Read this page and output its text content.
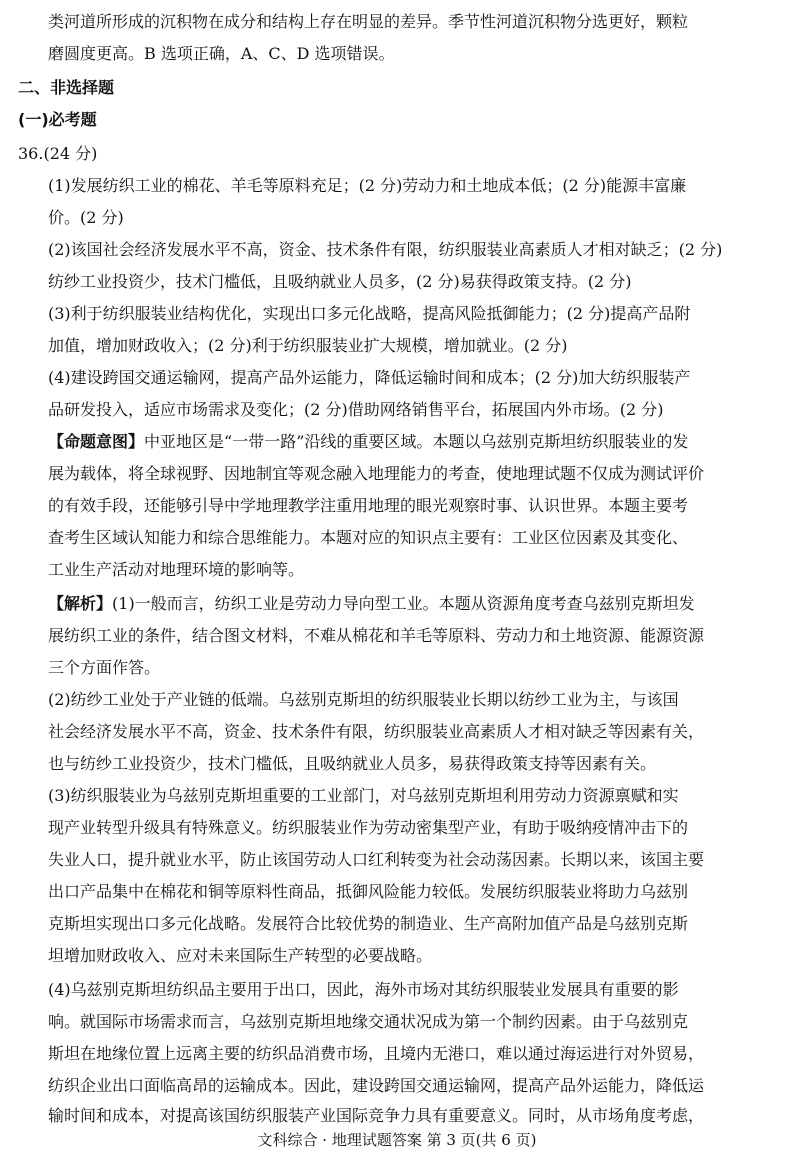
类河道所形成的沉积物在成分和结构上存在明显的差异。季节性河道沉积物分选更好，颗粒
磨圆度更高。B 选项正确，A、C、D 选项错误。
二、非选择题
(一)必考题
36.(24 分)
(1)发展纺织工业的棉花、羊毛等原料充足；(2 分)劳动力和土地成本低；(2 分)能源丰富廉
价。(2 分)
(2)该国社会经济发展水平不高，资金、技术条件有限，纺织服装业高素质人才相对缺乏；(2 分)
纺纱工业投资少，技术门槛低，且吸纳就业人员多，(2 分)易获得政策支持。(2 分)
(3)利于纺织服装业结构优化，实现出口多元化战略，提高风险抵御能力；(2 分)提高产品附
加值，增加财政收入；(2 分)利于纺织服装业扩大规模，增加就业。(2 分)
(4)建设跨国交通运输网，提高产品外运能力，降低运输时间和成本；(2 分)加大纺织服装产
品研发投入，适应市场需求及变化；(2 分)借助网络销售平台，拓展国内外市场。(2 分)
【命题意图】中亚地区是“一带一路”沿线的重要区域。本题以乌兹别克斯坦纺织服装业的发
展为载体，将全球视野、因地制宜等观念融入地理能力的考查，使地理试题不仅成为测试评价
的有效手段，还能够引导中学地理教学注重用地理的眼光观察时事、认识世界。本题主要考
查考生区域认知能力和综合思维能力。本题对应的知识点主要有：工业区位因素及其变化、
工业生产活动对地理环境的影响等。
【解析】(1)一般而言，纺织工业是劳动力导向型工业。本题从资源角度考查乌兹别克斯坦发
展纺织工业的条件，结合图文材料，不难从棉花和羊毛等原料、劳动力和土地资源、能源资源
三个方面作答。
(2)纺纱工业处于产业链的低端。乌兹别克斯坦的纺织服装业长期以纺纱工业为主，与该国
社会经济发展水平不高，资金、技术条件有限，纺织服装业高素质人才相对缺乏等因素有关，
也与纺纱工业投资少，技术门槛低，且吸纳就业人员多，易获得政策支持等因素有关。
(3)纺织服装业为乌兹别克斯坦重要的工业部门，对乌兹别克斯坦利用劳动力资源禀赋和实
现产业转型升级具有特殊意义。纺织服装业作为劳动密集型产业，有助于吸纳疫情冲击下的
失业人口，提升就业水平，防止该国劳动人口红利转变为社会动荡因素。长期以来，该国主要
出口产品集中在棉花和铜等原料性商品，抵御风险能力较低。发展纺织服装业将助力乌兹别
克斯坦实现出口多元化战略。发展符合比较优势的制造业、生产高附加值产品是乌兹别克斯
坦增加财政收入、应对未来国际生产转型的必要战略。
(4)乌兹别克斯坦纺织品主要用于出口，因此，海外市场对其纺织服装业发展具有重要的影
响。就国际市场需求而言，乌兹别克斯坦地缘交通状况成为第一个制约因素。由于乌兹别克
斯坦在地缘位置上远离主要的纺织品消费市场，且境内无港口，难以通过海运进行对外贸易，
纺织企业出口面临高昂的运输成本。因此，建设跨国交通运输网，提高产品外运能力，降低运
输时间和成本，对提高该国纺织服装产业国际竞争力具有重要意义。同时，从市场角度考虑，
文科综合 · 地理试题答案 第 3 页(共 6 页)
